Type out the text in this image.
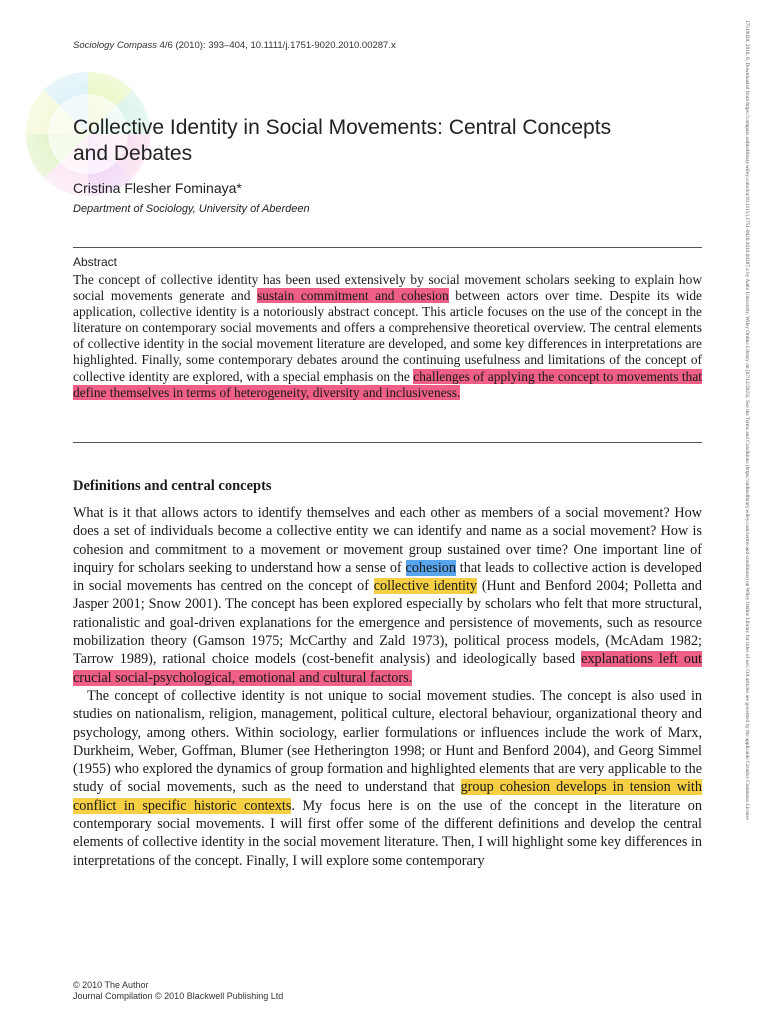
Sociology Compass 4/6 (2010): 393–404, 10.1111/j.1751-9020.2010.00287.x
Collective Identity in Social Movements: Central Concepts and Debates
Cristina Flesher Fominaya*
Department of Sociology, University of Aberdeen
Abstract
The concept of collective identity has been used extensively by social movement scholars seeking to explain how social movements generate and sustain commitment and cohesion between actors over time. Despite its wide application, collective identity is a notoriously abstract concept. This article focuses on the use of the concept in the literature on contemporary social movements and offers a comprehensive theoretical overview. The central elements of collective identity in the social movement literature are developed, and some key differences in interpretations are highlighted. Finally, some contemporary debates around the continuing usefulness and limitations of the concept of collective identity are explored, with a special emphasis on the challenges of applying the concept to movements that define themselves in terms of heterogeneity, diversity and inclusiveness.
Definitions and central concepts

What is it that allows actors to identify themselves and each other as members of a social movement? How does a set of individuals become a collective entity we can identify and name as a social movement? How is cohesion and commitment to a movement or movement group sustained over time? One important line of inquiry for scholars seeking to understand how a sense of cohesion that leads to collective action is developed in social movements has centred on the concept of collective identity (Hunt and Benford 2004; Polletta and Jasper 2001; Snow 2001). The concept has been explored especially by scholars who felt that more structural, rationalistic and goal-driven explanations for the emergence and persistence of movements, such as resource mobilization theory (Gamson 1975; McCarthy and Zald 1973), political process models, (McAdam 1982; Tarrow 1989), rational choice models (cost-benefit analysis) and ideologically based explanations left out crucial social-psychological, emotional and cultural factors.

The concept of collective identity is not unique to social movement studies. The concept is also used in studies on nationalism, religion, management, political culture, electoral behaviour, organizational theory and psychology, among others. Within sociology, earlier formulations or influences include the work of Marx, Durkheim, Weber, Goffman, Blumer (see Hetherington 1998; or Hunt and Benford 2004), and Georg Simmel (1955) who explored the dynamics of group formation and highlighted elements that are very applicable to the study of social movements, such as the need to understand that group cohesion develops in tension with conflict in specific historic contexts. My focus here is on the use of the concept in the literature on contemporary social movements. I will first offer some of the different definitions and develop the central elements of collective identity in the social movement literature. Then, I will highlight some key differences in interpretations of the concept. Finally, I will explore some contemporary

© 2010 The Author
Journal Compilation © 2010 Blackwell Publishing Ltd
17519020, 2010, 6, Downloaded from https://compass.onlinelibrary.wiley.com/doi/10.1111/j.1751-9020.2010.00287.x by Aalto University, Wiley Online Library on [07/12/2023]. See the Terms and Conditions (https://onlinelibrary.wiley.com/terms-and-conditions) on Wiley Online Library for rules of use; OA articles are governed by the applicable Creative Commons License
